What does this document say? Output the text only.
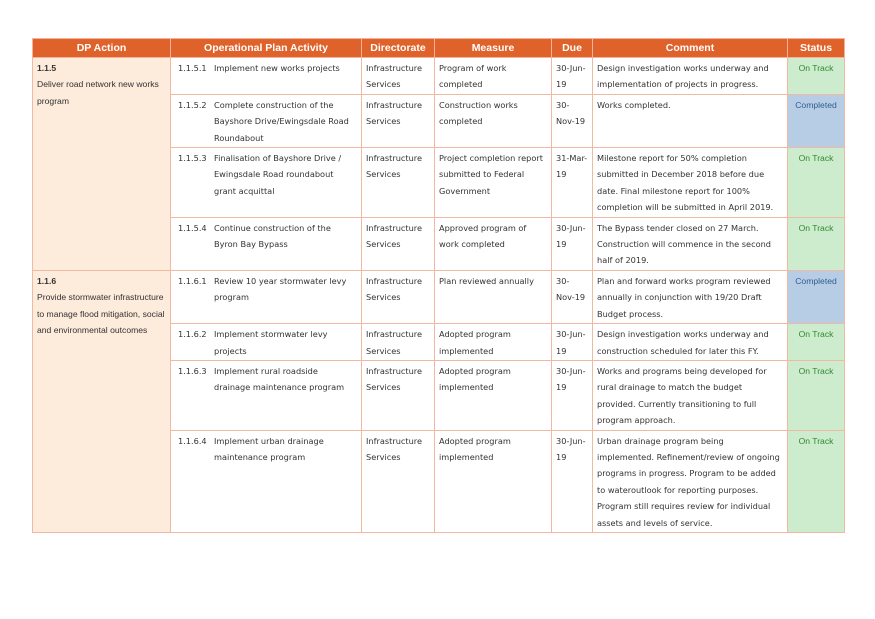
DP Action	Operational Plan Activity	Directorate	Measure	Due	Comment	Status

1.1.5
Deliver road network new works program	1.1.5.1 Implement new works projects	Infrastructure Services	Program of work completed	30-Jun-19	Design investigation works underway and implementation of projects in progress.	On Track
	1.1.5.2 Complete construction of the Bayshore Drive/Ewingsdale Road Roundabout	Infrastructure Services	Construction works completed	30-Nov-19	Works completed.	Completed
	1.1.5.3 Finalisation of Bayshore Drive / Ewingsdale Road roundabout grant acquittal	Infrastructure Services	Project completion report submitted to Federal Government	31-Mar-19	Milestone report for 50% completion submitted in December 2018 before due date. Final milestone report for 100% completion will be submitted in April 2019.	On Track
	1.1.5.4 Continue construction of the Byron Bay Bypass	Infrastructure Services	Approved program of work completed	30-Jun-19	The Bypass tender closed on 27 March. Construction will commence in the second half of 2019.	On Track

1.1.6
Provide stormwater infrastructure to manage flood mitigation, social and environmental outcomes	1.1.6.1 Review 10 year stormwater levy program	Infrastructure Services	Plan reviewed annually	30-Nov-19	Plan and forward works program reviewed annually in conjunction with 19/20 Draft Budget process.	Completed
	1.1.6.2 Implement stormwater levy projects	Infrastructure Services	Adopted program implemented	30-Jun-19	Design investigation works underway and construction scheduled for later this FY.	On Track
	1.1.6.3 Implement rural roadside drainage maintenance program	Infrastructure Services	Adopted program implemented	30-Jun-19	Works and programs being developed for rural drainage to match the budget provided. Currently transitioning to full program approach.	On Track
	1.1.6.4 Implement urban drainage maintenance program	Infrastructure Services	Adopted program implemented	30-Jun-19	Urban drainage program being implemented. Refinement/review of ongoing programs in progress. Program to be added to wateroutlook for reporting purposes. Program still requires review for individual assets and levels of service.	On Track
